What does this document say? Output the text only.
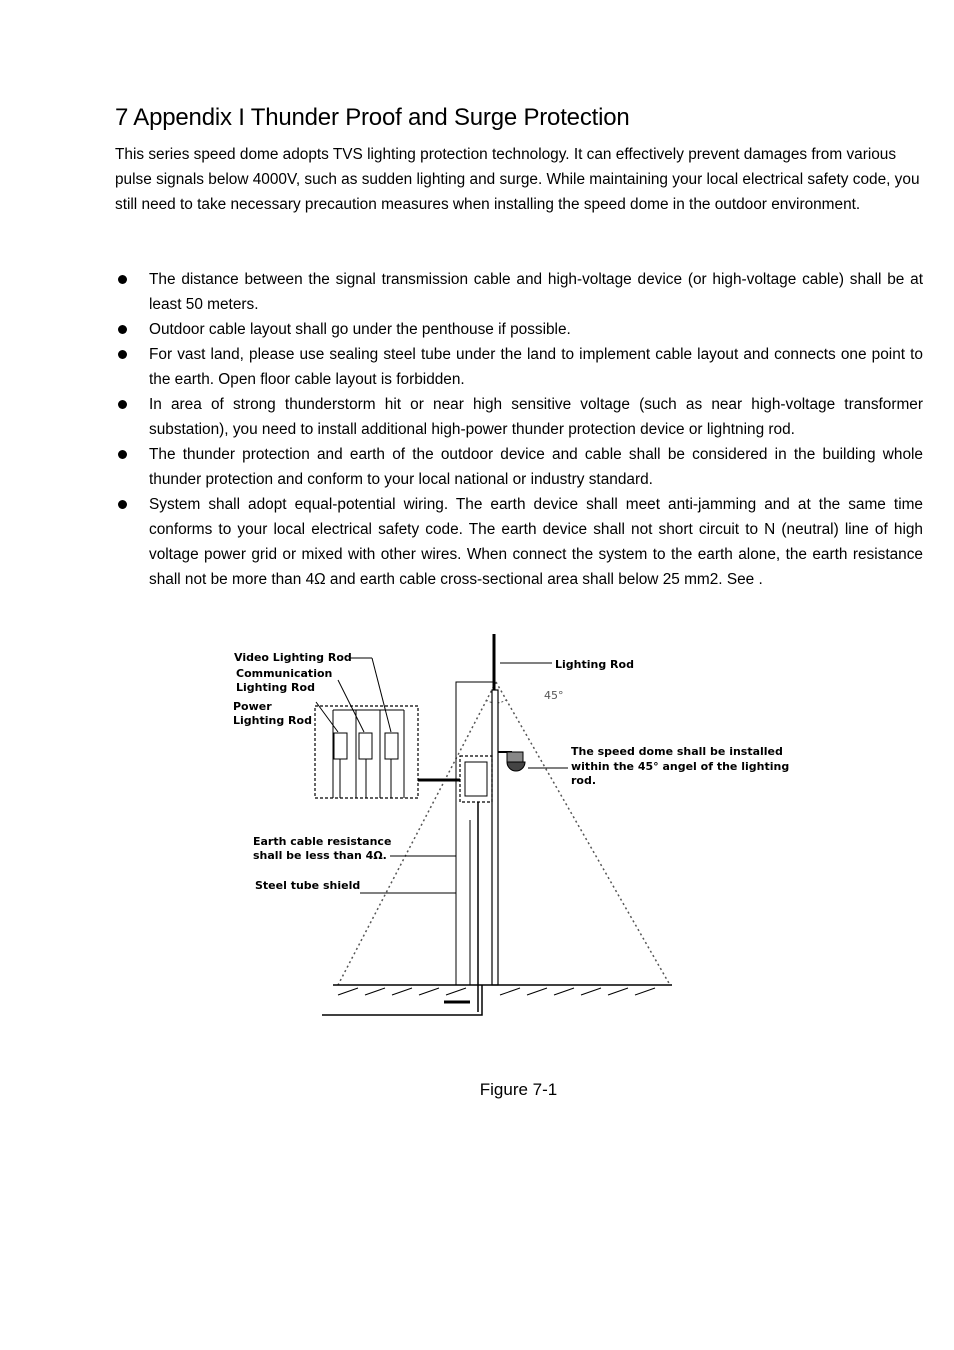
7 Appendix I Thunder Proof and Surge Protection

This series speed dome adopts TVS lighting protection technology. It can effectively prevent damages from various pulse signals below 4000V, such as sudden lighting and surge. While maintaining your local electrical safety code, you still need to take necessary precaution measures when installing the speed dome in the outdoor environment.

The distance between the signal transmission cable and high-voltage device (or high-voltage cable) shall be at least 50 meters.
Outdoor cable layout shall go under the penthouse if possible.
For vast land, please use sealing steel tube under the land to implement cable layout and connects one point to the earth. Open floor cable layout is forbidden.
In area of strong thunderstorm hit or near high sensitive voltage (such as near high-voltage transformer substation), you need to install additional high-power thunder protection device or lightning rod.
The thunder protection and earth of the outdoor device and cable shall be considered in the building whole thunder protection and conform to your local national or industry standard.
System shall adopt equal-potential wiring. The earth device shall meet anti-jamming and at the same time conforms to your local electrical safety code. The earth device shall not short circuit to N (neutral) line of high voltage power grid or mixed with other wires. When connect the system to the earth alone, the earth resistance shall not be more than 4Ω and earth cable cross-sectional area shall below 25 mm2. See .
Video Lighting Rod
Communication
Lighting Rod
Power
Lighting Rod
Lighting Rod
45°
The speed dome shall be installed
within the 45° angel of the lighting
rod.
Earth cable resistance
shall be less than 4Ω.
Steel tube shield

Figure 7-1
